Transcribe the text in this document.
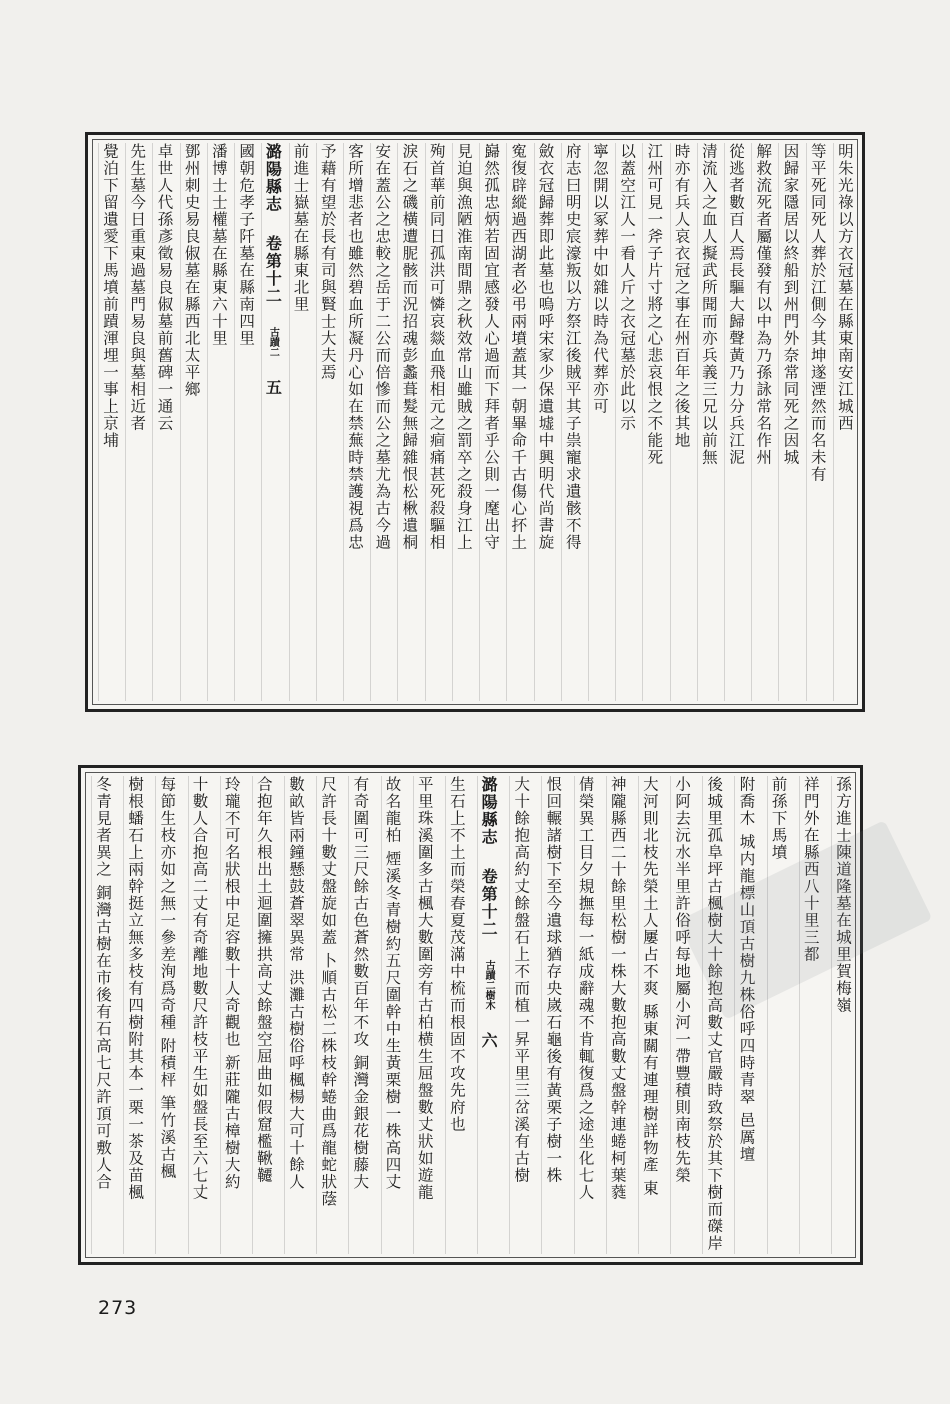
明朱光祿以方衣冠墓在縣東南安江城西
等平死同死人葬於江側今其坤遂湮然而名未有
因歸家隱居以終船到州門外奈常同死之因城
解救流死者屬僅發有以中為乃孫詠常名作州
從逃者數百人焉長驅大歸聲黃乃力分兵江泥
清流入之血人擬武所聞而亦兵義三兄以前無
時亦有兵人哀衣冠之事在州百年之後其地
江州可見一斧子片寸將之心悲哀恨之不能死
以蓋空江人一看人斤之衣冠墓於此以示
寧忽開以冢葬中如雜以時為代葬亦可
府志曰明史宸濠叛以方祭江後賊平其子祟寵求遺骸不得
斂衣冠歸葬即此墓也嗚呼宋家少保遺墟中興明代尚書旋
寃復辟縱過西湖者必弔兩墳蓋其一朝畢命千古傷心抔土
巋然孤忠炳若固宜感發人心過而下拜者乎公則一麾出守
見迫與漁陋淮南間鼎之秋效常山雖賊之罰卒之殺身江上
殉首華前同日孤洪可憐哀燚血飛相元之痐痛甚死殺驅相
淚石之磯橫遭胒骸而況招魂彭蠡葺髮無歸雜恨松楸遺桐
安在蓋公之忠較之岳于二公而倍慘而公之墓尤為古今過
客所增悲者也雖然碧血所凝丹心如在禁蕪時禁護視爲忠
予藉有望於長有司與賢士大夫焉
前進士嶽墓在縣東北里
潞陽縣志卷第十二古蹟二五
國朝危孝子阡墓在縣南四里
潘博士士權墓在縣東六十里
鄧州刺史易良俶墓在縣西北太平鄉
卓世人代孫彥徵易良俶墓前舊碑一通云
先生墓今日重東過墓門易良與墓相近者
覺泊下留遺愛下馬墳前蹟渾埋一事上京埔
孫方進士陳道隆墓在城里賀梅嶺
祥門外在縣西八十里三都
前孫下馬墳
附喬木 城内龍標山頂古樹九株俗呼四時青翠 邑厲壇
後城里孤阜坪古楓樹大十餘抱高數丈官嚴時致祭於其下樹而磔岸
小阿去沅水半里許俗呼每地屬小河一帶豐積則南枝先榮
大河則北枝先榮土人屢占不爽 縣東關有連理樹詳物產 東
神隴縣西二十餘里松樹一株大數抱高數丈盤幹連蜷柯葉蕤
倩榮異工目夕規撫每一紙成辭魂不肯輒復爲之途坐化七人
恨回輾諸樹下至今遺球猶存央嵗石龜後有黃栗子樹一株
大十餘抱高約丈餘盤石上不而植一昇平里三岔溪有古樹
潞陽縣志卷第十二古蹟二樹木六
生石上不土而榮春夏茂滿中梳而根固不攻先府也
平里珠溪圍多古楓大數圍旁有古柏横生屈盤數丈狀如遊龍
故名龍柏 煙溪冬青樹約五尺圍幹中生黃栗樹一株高四丈
有奇圍可三尺餘古色蒼然數百年不攻 銅灣金銀花樹藤大
尺許長十數丈盤旋如蓋 卜順古松二株枝幹蜷曲爲龍蛇狀蔭
數畝皆兩鐘懸鼓蒼翠異常 洪灘古樹俗呼楓楊大可十餘人
合抱年久根出土迴圍擁拱高丈餘盤空屈曲如假窟檻鞦韆
玲瓏不可名狀根中足容數十人奇觀也 新莊隴古樟樹大約
十數人合抱高二丈有奇離地數尺許枝平生如盤長至六七丈
每節生枝亦如之無一參差洵爲奇種 附積枰 筆竹溪古楓
樹根蟠石上兩幹挺立無多枝有四樹附其本一栗一茶及苗楓
冬青見者異之 銅灣古樹在市後有石高七尺許頂可敷人合
273
